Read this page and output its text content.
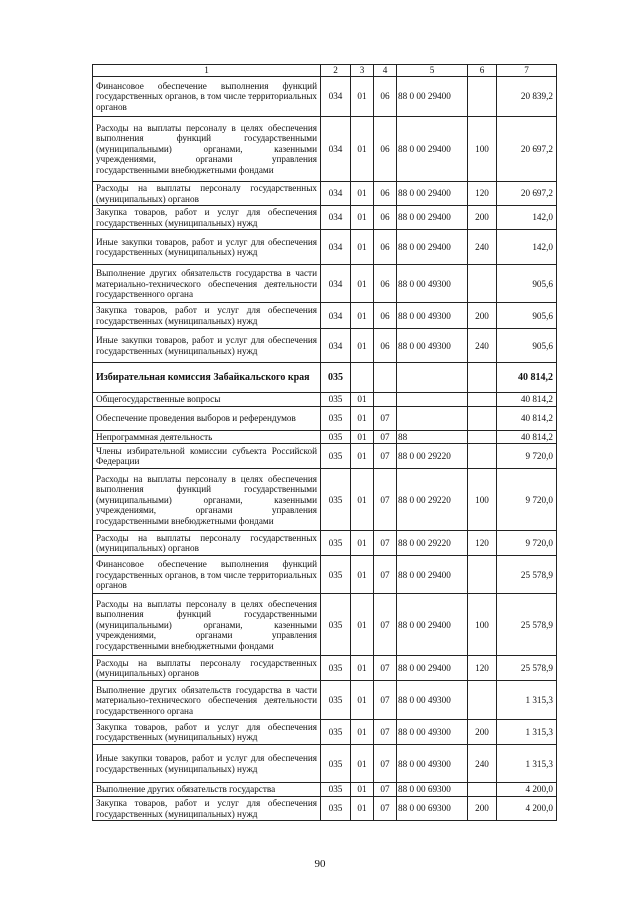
1	2	3	4	5	6	7
Финансовое обеспечение выполнения функций государственных органов, в том числе территориальных органов	034	01	06	88 0 00 29400		20 839,2
Расходы на выплаты персоналу в целях обеспечения выполнения функций государственными (муниципальными) органами, казенными учреждениями, органами управления государственными внебюджетными фондами	034	01	06	88 0 00 29400	100	20 697,2
Расходы на выплаты персоналу государственных (муниципальных) органов	034	01	06	88 0 00 29400	120	20 697,2
Закупка товаров, работ и услуг для обеспечения государственных (муниципальных) нужд	034	01	06	88 0 00 29400	200	142,0
Иные закупки товаров, работ и услуг для обеспечения государственных (муниципальных) нужд	034	01	06	88 0 00 29400	240	142,0
Выполнение других обязательств государства в части материально-технического обеспечения деятельности государственного органа	034	01	06	88 0 00 49300		905,6
Закупка товаров, работ и услуг для обеспечения государственных (муниципальных) нужд	034	01	06	88 0 00 49300	200	905,6
Иные закупки товаров, работ и услуг для обеспечения государственных (муниципальных) нужд	034	01	06	88 0 00 49300	240	905,6
Избирательная комиссия Забайкальского края	035					40 814,2
Общегосударственные вопросы	035	01				40 814,2
Обеспечение проведения выборов и референдумов	035	01	07			40 814,2
Непрограммная деятельность	035	01	07	88		40 814,2
Члены избирательной комиссии субъекта Российской Федерации	035	01	07	88 0 00 29220		9 720,0
Расходы на выплаты персоналу в целях обеспечения выполнения функций государственными (муниципальными) органами, казенными учреждениями, органами управления государственными внебюджетными фондами	035	01	07	88 0 00 29220	100	9 720,0
Расходы на выплаты персоналу государственных (муниципальных) органов	035	01	07	88 0 00 29220	120	9 720,0
Финансовое обеспечение выполнения функций государственных органов, в том числе территориальных органов	035	01	07	88 0 00 29400		25 578,9
Расходы на выплаты персоналу в целях обеспечения выполнения функций государственными (муниципальными) органами, казенными учреждениями, органами управления государственными внебюджетными фондами	035	01	07	88 0 00 29400	100	25 578,9
Расходы на выплаты персоналу государственных (муниципальных) органов	035	01	07	88 0 00 29400	120	25 578,9
Выполнение других обязательств государства в части материально-технического обеспечения деятельности государственного органа	035	01	07	88 0 00 49300		1 315,3
Закупка товаров, работ и услуг для обеспечения государственных (муниципальных) нужд	035	01	07	88 0 00 49300	200	1 315,3
Иные закупки товаров, работ и услуг для обеспечения государственных (муниципальных) нужд	035	01	07	88 0 00 49300	240	1 315,3
Выполнение других обязательств государства	035	01	07	88 0 00 69300		4 200,0
Закупка товаров, работ и услуг для обеспечения государственных (муниципальных) нужд	035	01	07	88 0 00 69300	200	4 200,0
90
